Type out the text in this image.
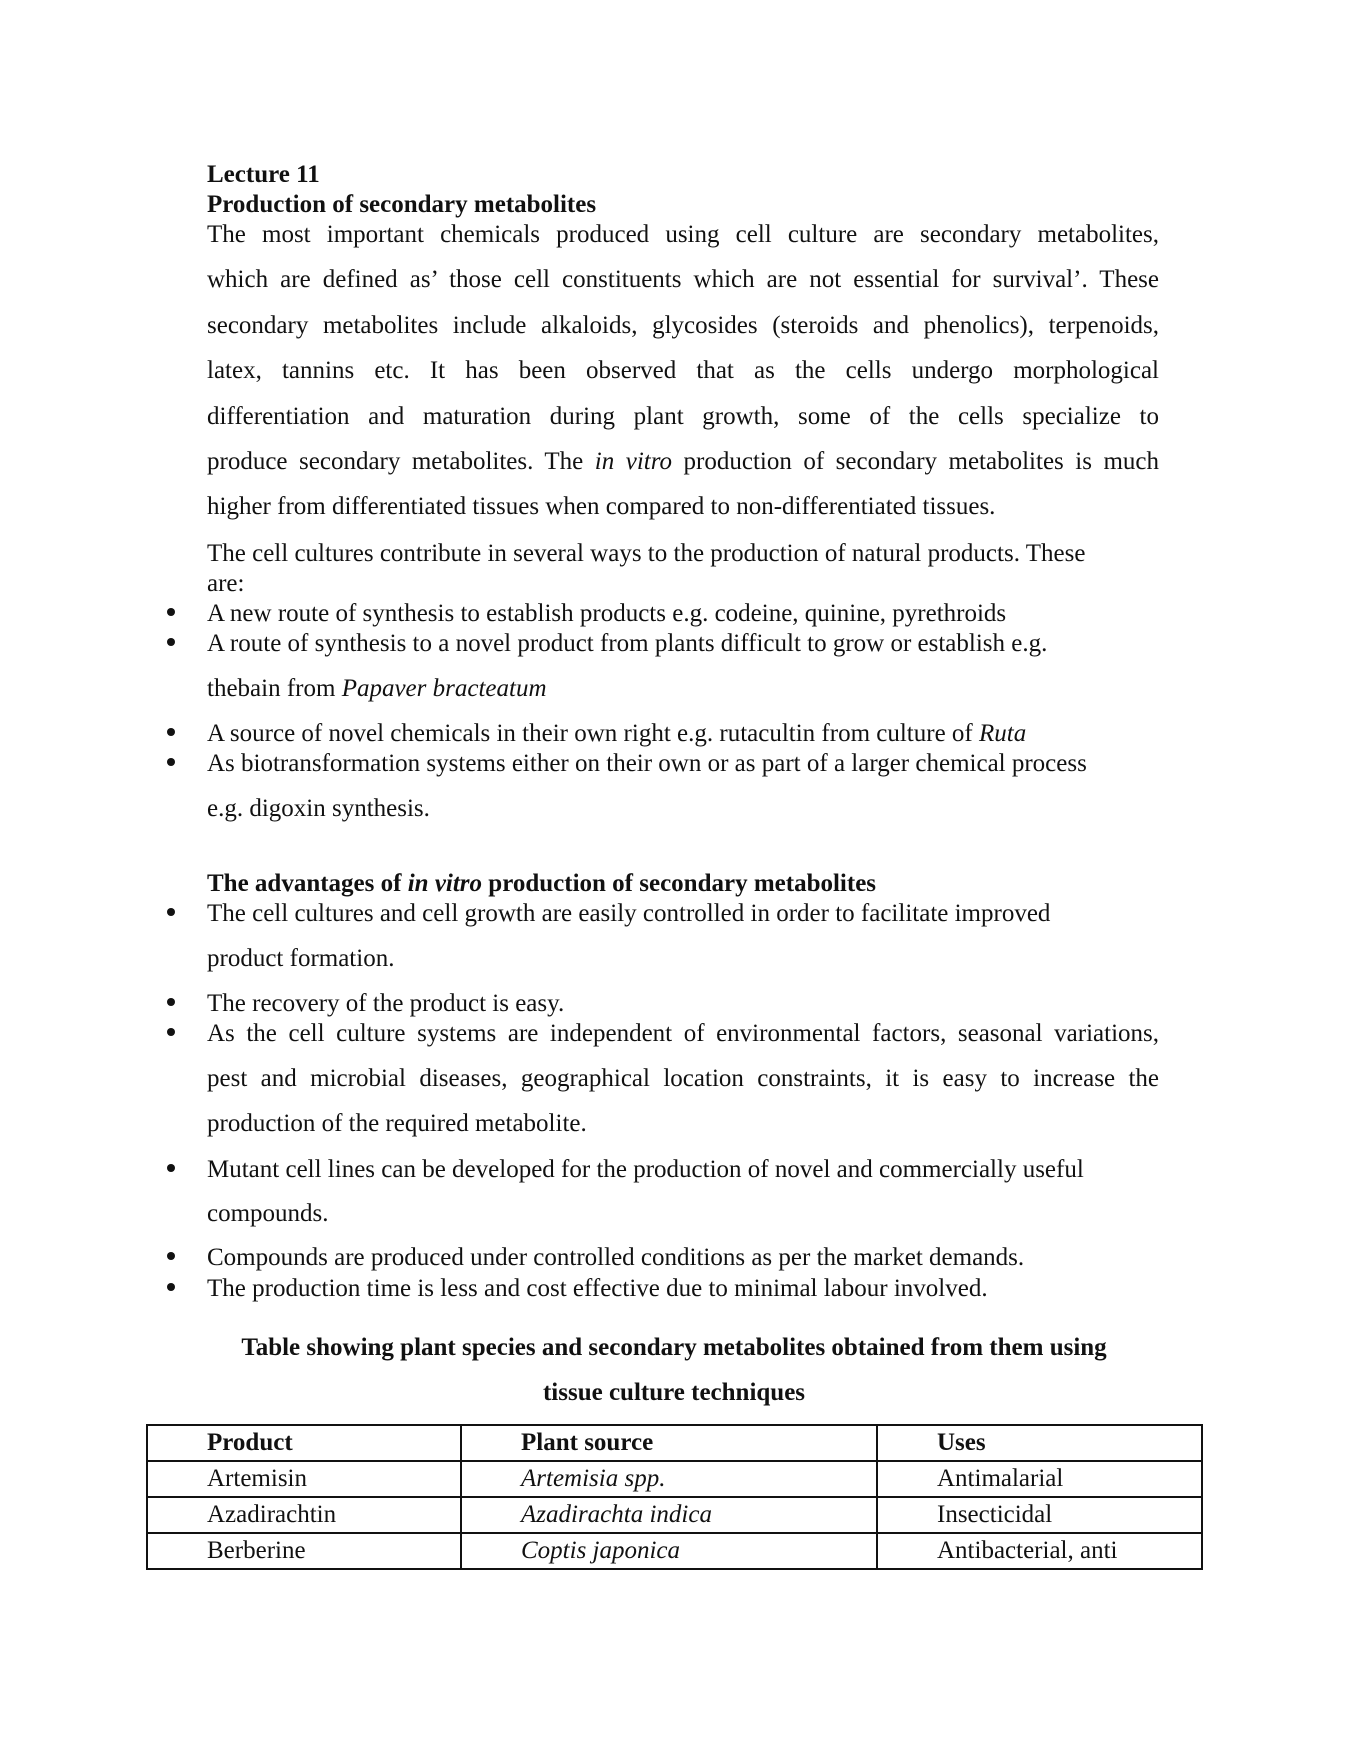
Lecture 11
Production of secondary metabolites
The most important chemicals produced using cell culture are secondary metabolites,
which are defined as’ those cell constituents which are not essential for survival’. These
secondary metabolites include alkaloids, glycosides (steroids and phenolics), terpenoids,
latex, tannins etc. It has been observed that as the cells undergo morphological
differentiation and maturation during plant growth, some of the cells specialize to
produce secondary metabolites. The in vitro production of secondary metabolites is much
higher from differentiated tissues when compared to non-differentiated tissues.
The cell cultures contribute in several ways to the production of natural products. These
are:
A new route of synthesis to establish products e.g. codeine, quinine, pyrethroids
A route of synthesis to a novel product from plants difficult to grow or establish e.g.
thebain from Papaver bracteatum
A source of novel chemicals in their own right e.g. rutacultin from culture of Ruta
As biotransformation systems either on their own or as part of a larger chemical process
e.g. digoxin synthesis.
The advantages of in vitro production of secondary metabolites
The cell cultures and cell growth are easily controlled in order to facilitate improved
product formation.
The recovery of the product is easy.
As the cell culture systems are independent of environmental factors, seasonal variations,
pest and microbial diseases, geographical location constraints, it is easy to increase the
production of the required metabolite.
Mutant cell lines can be developed for the production of novel and commercially useful
compounds.
Compounds are produced under controlled conditions as per the market demands.
The production time is less and cost effective due to minimal labour involved.
Table showing plant species and secondary metabolites obtained from them using
tissue culture techniques
Product	Plant source	Uses
Artemisin	Artemisia spp.	Antimalarial
Azadirachtin	Azadirachta indica	Insecticidal
Berberine	Coptis japonica	Antibacterial, anti
